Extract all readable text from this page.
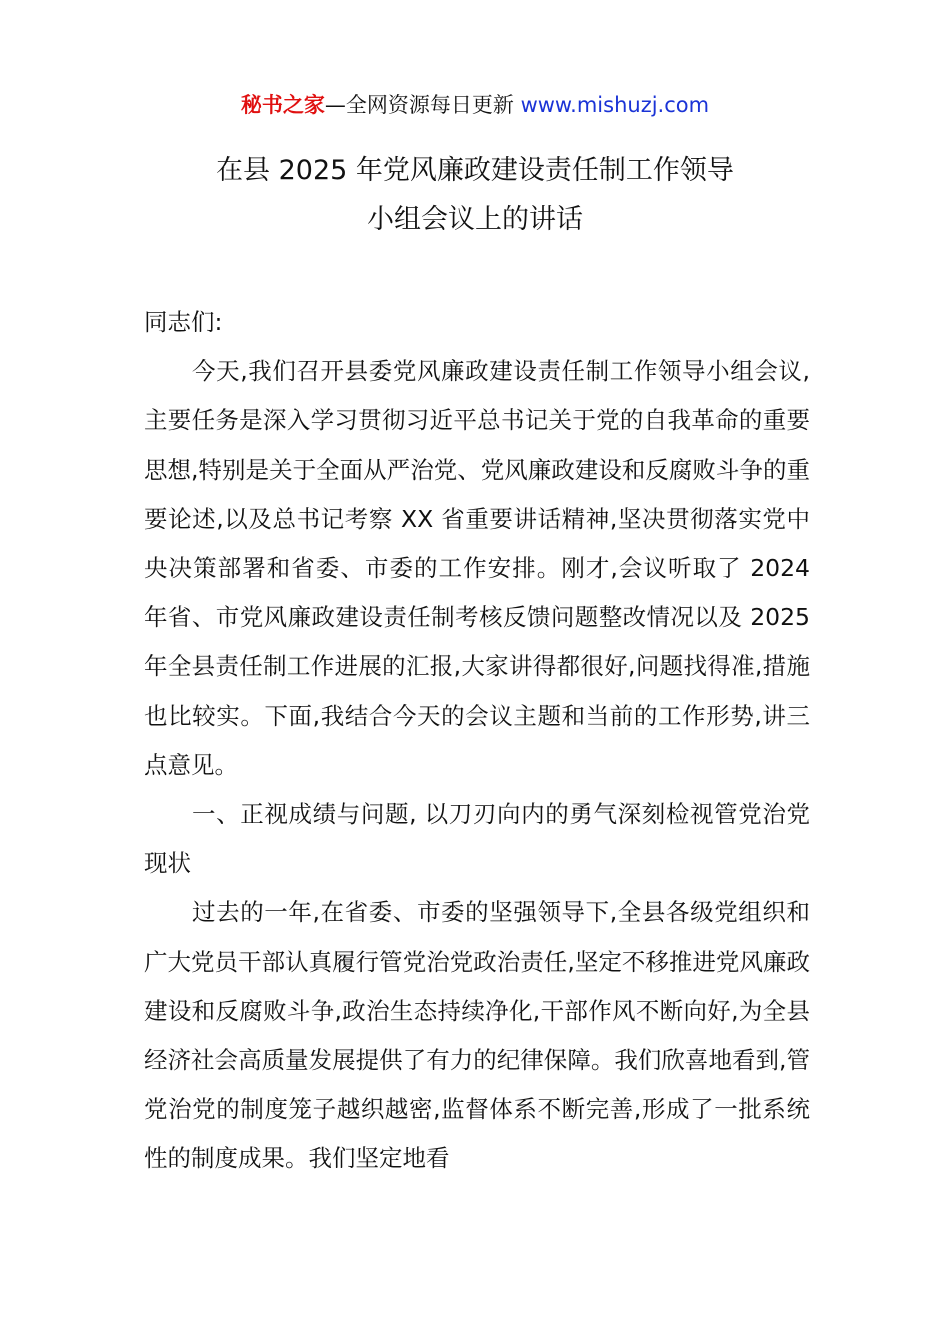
秘书之家—全网资源每日更新 www.mishuzj.com
在县 2025 年党风廉政建设责任制工作领导
小组会议上的讲话

同志们:

今天,我们召开县委党风廉政建设责任制工作领导小组会议,主要任务是深入学习贯彻习近平总书记关于党的自我革命的重要思想,特别是关于全面从严治党、党风廉政建设和反腐败斗争的重要论述,以及总书记考察 XX 省重要讲话精神,坚决贯彻落实党中央决策部署和省委、市委的工作安排。刚才,会议听取了 2024 年省、市党风廉政建设责任制考核反馈问题整改情况以及 2025 年全县责任制工作进展的汇报,大家讲得都很好,问题找得准,措施也比较实。下面,我结合今天的会议主题和当前的工作形势,讲三点意见。

一、正视成绩与问题, 以刀刃向内的勇气深刻检视管党治党现状

过去的一年,在省委、市委的坚强领导下,全县各级党组织和广大党员干部认真履行管党治党政治责任,坚定不移推进党风廉政建设和反腐败斗争,政治生态持续净化,干部作风不断向好,为全县经济社会高质量发展提供了有力的纪律保障。我们欣喜地看到,管党治党的制度笼子越织越密,监督体系不断完善,形成了一批系统性的制度成果。我们坚定地看
